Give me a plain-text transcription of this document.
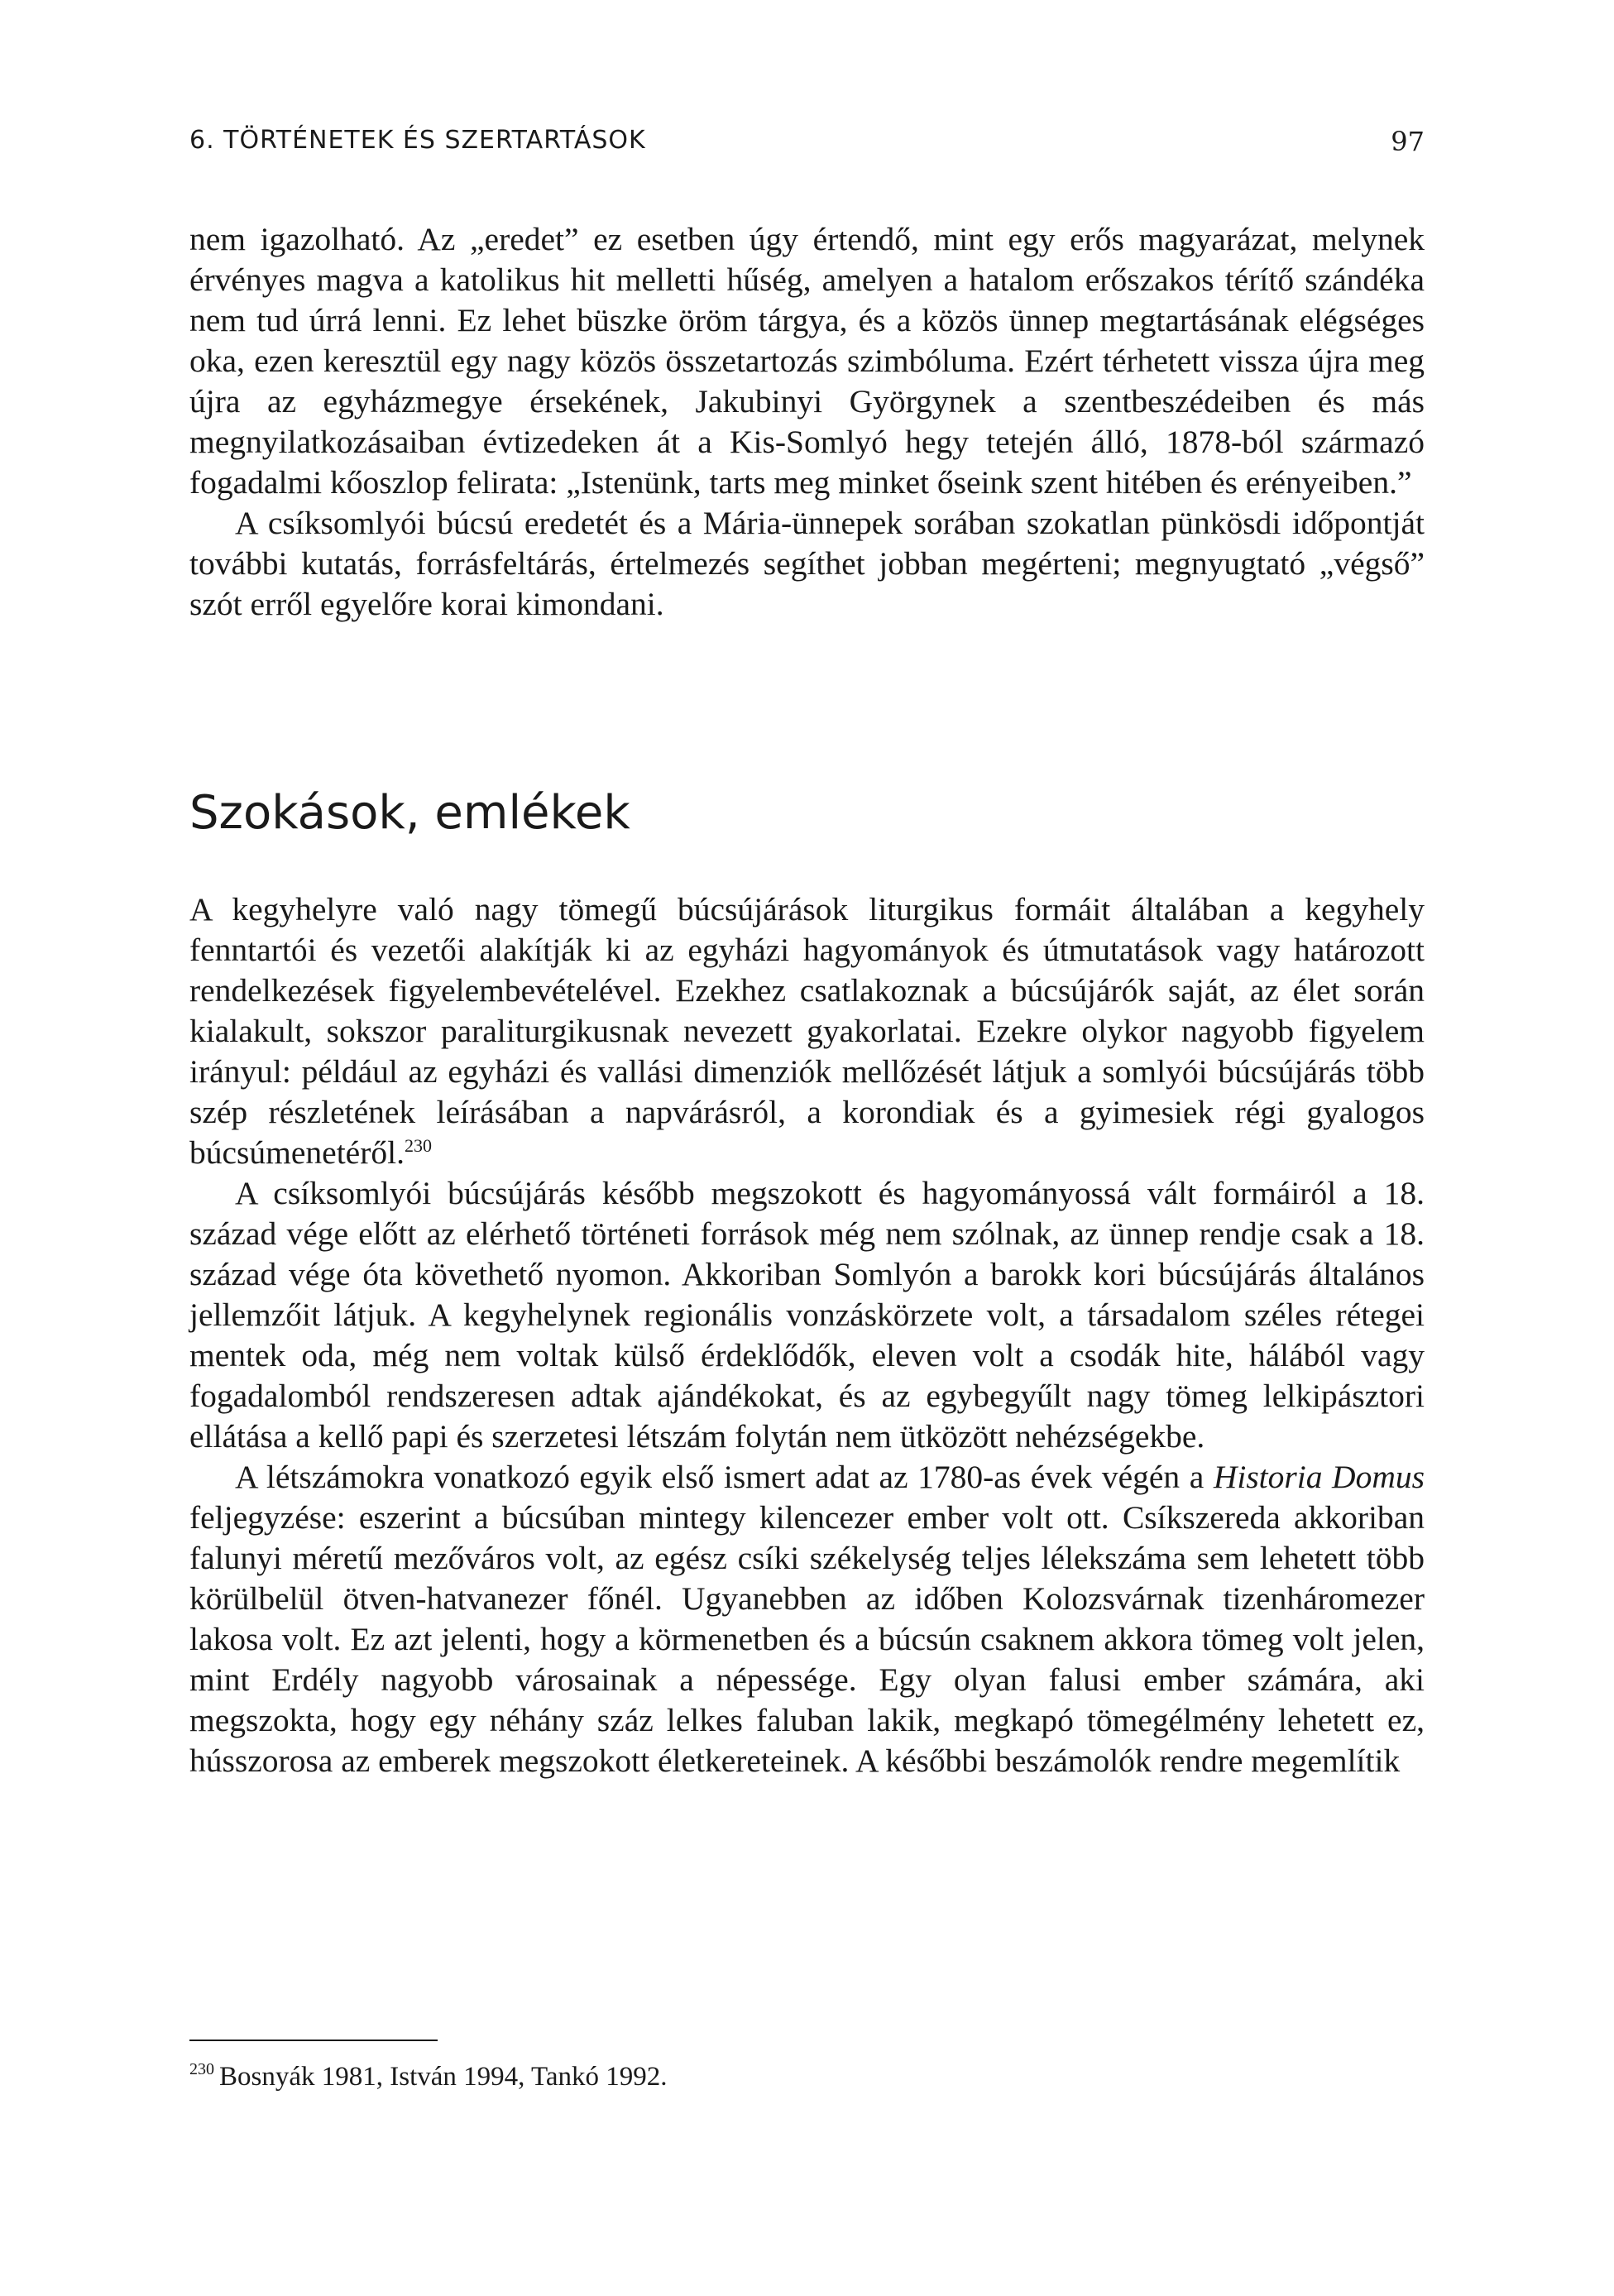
6. TÖRTÉNETEK ÉS SZERTARTÁSOK	97

nem igazolható. Az „eredet” ez esetben úgy értendő, mint egy erős magyarázat, melynek érvényes magva a katolikus hit melletti hűség, amelyen a hatalom erőszakos térítő szándéka nem tud úrrá lenni. Ez lehet büszke öröm tárgya, és a közös ünnep megtartásának elégséges oka, ezen keresztül egy nagy közös összetartozás szimbóluma. Ezért térhetett vissza újra meg újra az egyházmegye érsekének, Jakubinyi Györgynek a szentbeszédeiben és más megnyilatkozásaiban évtizedeken át a Kis-Somlyó hegy tetején álló, 1878-ból származó fogadalmi kőoszlop felirata: „Istenünk, tarts meg minket őseink szent hitében és erényeiben.”

A csíksomlyói búcsú eredetét és a Mária-ünnepek sorában szokatlan pünkösdi időpontját további kutatás, forrásfeltárás, értelmezés segíthet jobban megérteni; megnyugtató „végső” szót erről egyelőre korai kimondani.

Szokások, emlékek

A kegyhelyre való nagy tömegű búcsújárások liturgikus formáit általában a kegyhely fenntartói és vezetői alakítják ki az egyházi hagyományok és útmutatások vagy határozott rendelkezések figyelembevételével. Ezekhez csatlakoznak a búcsújárók saját, az élet során kialakult, sokszor paraliturgikusnak nevezett gyakorlatai. Ezekre olykor nagyobb figyelem irányul: például az egyházi és vallási dimenziók mellőzését látjuk a somlyói búcsújárás több szép részletének leírásában a napvárásról, a korondiak és a gyimesiek régi gyalogos búcsúmenetéről.$^{230}$

A csíksomlyói búcsújárás később megszokott és hagyományossá vált formáiról a 18. század vége előtt az elérhető történeti források még nem szólnak, az ünnep rendje csak a 18. század vége óta követhető nyomon. Akkoriban Somlyón a barokk kori búcsújárás általános jellemzőit látjuk. A kegyhelynek regionális vonzáskörzete volt, a társadalom széles rétegei mentek oda, még nem voltak külső érdeklődők, eleven volt a csodák hite, hálából vagy fogadalomból rendszeresen adtak ajándékokat, és az egybegyűlt nagy tömeg lelkipásztori ellátása a kellő papi és szerzetesi létszám folytán nem ütközött nehézségekbe.

A létszámokra vonatkozó egyik első ismert adat az 1780-as évek végén a Historia Domus feljegyzése: eszerint a búcsúban mintegy kilencezer ember volt ott. Csíkszereda akkoriban falunyi méretű mezőváros volt, az egész csíki székelység teljes lélekszáma sem lehetett több körülbelül ötven-hatvanezer főnél. Ugyanebben az időben Kolozsvárnak tizenháromezer lakosa volt. Ez azt jelenti, hogy a körmenetben és a búcsún csaknem akkora tömeg volt jelen, mint Erdély nagyobb városainak a népessége. Egy olyan falusi ember számára, aki megszokta, hogy egy néhány száz lelkes faluban lakik, megkapó tömegélmény lehetett ez, hússzorosa az emberek megszokott életkereteinek. A későbbi beszámolók rendre megemlítik

$^{230}$ Bosnyák 1981, István 1994, Tankó 1992.
